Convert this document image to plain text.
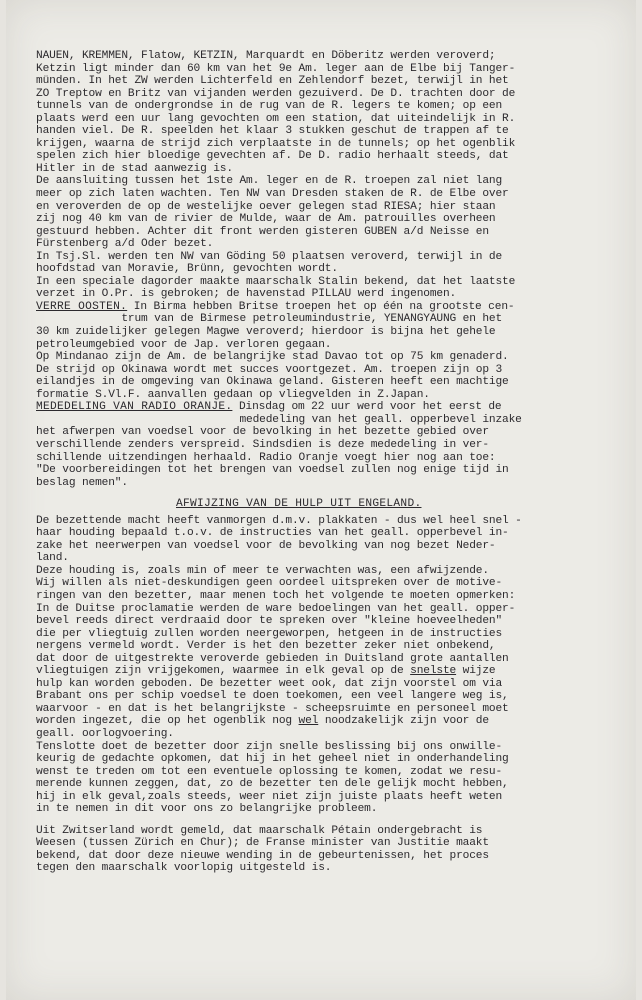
NAUEN, KREMMEN, Flatow, KETZIN, Marquardt en Döberitz werden veroverd;
Ketzin ligt minder dan 60 km van het 9e Am. leger aan de Elbe bij Tanger-
münden. In het ZW werden Lichterfeld en Zehlendorf bezet, terwijl in het
ZO Treptow en Britz van vijanden werden gezuiverd. De D. trachten door de
tunnels van de ondergrondse in de rug van de R. legers te komen; op een
plaats werd een uur lang gevochten om een station, dat uiteindelijk in R.
handen viel. De R. speelden het klaar 3 stukken geschut de trappen af te
krijgen, waarna de strijd zich verplaatste in de tunnels; op het ogenblik
spelen zich hier bloedige gevechten af. De D. radio herhaalt steeds, dat
Hitler in de stad aanwezig is.
De aansluiting tussen het 1ste Am. leger en de R. troepen zal niet lang
meer op zich laten wachten. Ten NW van Dresden staken de R. de Elbe over
en veroverden de op de westelijke oever gelegen stad RIESA; hier staan
zij nog 40 km van de rivier de Mulde, waar de Am. patrouilles overheen
gestuurd hebben. Achter dit front werden gisteren GUBEN a/d Neisse en
Fürstenberg a/d Oder bezet.
In Tsj.Sl. werden ten NW van Göding 50 plaatsen veroverd, terwijl in de
hoofdstad van Moravie, Brünn, gevochten wordt.
In een speciale dagorder maakte maarschalk Stalin bekend, dat het laatste
verzet in O.Pr. is gebroken; de havenstad PILLAU werd ingenomen.
VERRE OOSTEN. In Birma hebben Britse troepen het op één na grootste cen-
trum van de Birmese petroleumindustrie, YENANGYAUNG en het
30 km zuidelijker gelegen Magwe veroverd; hierdoor is bijna het gehele
petroleumgebied voor de Jap. verloren gegaan.
Op Mindanao zijn de Am. de belangrijke stad Davao tot op 75 km genaderd.
De strijd op Okinawa wordt met succes voortgezet. Am. troepen zijn op 3
eilandjes in de omgeving van Okinawa geland. Gisteren heeft een machtige
formatie S.Vl.F. aanvallen gedaan op vliegvelden in Z.Japan.
MEDEDELING VAN RADIO ORANJE. Dinsdag om 22 uur werd voor het eerst de
mededeling van het geall. opperbevel inzake
het afwerpen van voedsel voor de bevolking in het bezette gebied over
verschillende zenders verspreid. Sindsdien is deze mededeling in ver-
schillende uitzendingen herhaald. Radio Oranje voegt hier nog aan toe:
"De voorbereidingen tot het brengen van voedsel zullen nog enige tijd in
beslag nemen".
AFWIJZING VAN DE HULP UIT ENGELAND.
De bezettende macht heeft vanmorgen d.m.v. plakkaten - dus wel heel snel -
haar houding bepaald t.o.v. de instructies van het geall. opperbevel in-
zake het neerwerpen van voedsel voor de bevolking van nog bezet Neder-
land.
Deze houding is, zoals min of meer te verwachten was, een afwijzende.
Wij willen als niet-deskundigen geen oordeel uitspreken over de motive-
ringen van den bezetter, maar menen toch het volgende te moeten opmerken:
In de Duitse proclamatie werden de ware bedoelingen van het geall. opper-
bevel reeds direct verdraaid door te spreken over "kleine hoeveelheden"
die per vliegtuig zullen worden neergeworpen, hetgeen in de instructies
nergens vermeld wordt. Verder is het den bezetter zeker niet onbekend,
dat door de uitgestrekte veroverde gebieden in Duitsland grote aantallen
vliegtuigen zijn vrijgekomen, waarmee in elk geval op de snelste wijze
hulp kan worden geboden. De bezetter weet ook, dat zijn voorstel om via
Brabant ons per schip voedsel te doen toekomen, een veel langere weg is,
waarvoor - en dat is het belangrijkste - scheepsruimte en personeel moet
worden ingezet, die op het ogenblik nog wel noodzakelijk zijn voor de
geall. oorlogvoering.
Tenslotte doet de bezetter door zijn snelle beslissing bij ons onwille-
keurig de gedachte opkomen, dat hij in het geheel niet in onderhandeling
wenst te treden om tot een eventuele oplossing te komen, zodat we resu-
merende kunnen zeggen, dat, zo de bezetter ten dele gelijk mocht hebben,
hij in elk geval,zoals steeds, weer niet zijn juiste plaats heeft weten
in te nemen in dit voor ons zo belangrijke probleem.
Uit Zwitserland wordt gemeld, dat maarschalk Pétain ondergebracht is
Weesen (tussen Zürich en Chur); de Franse minister van Justitie maakt
bekend, dat door deze nieuwe wending in de gebeurtenissen, het proces
tegen den maarschalk voorlopig uitgesteld is.
